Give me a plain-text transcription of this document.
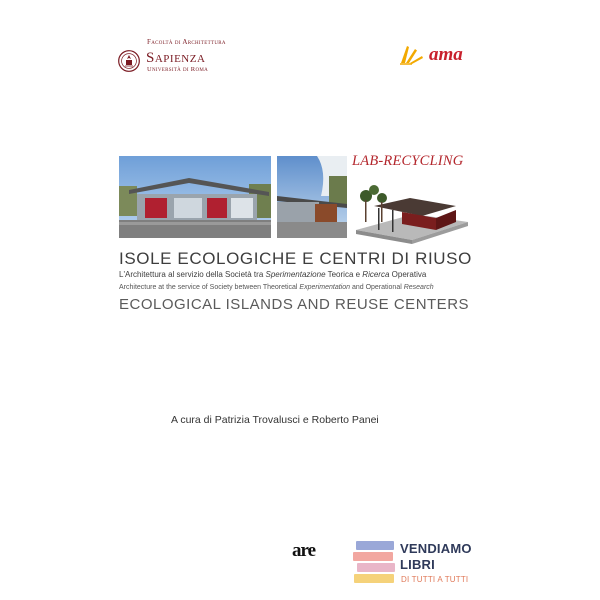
Facoltà di Architettura
Sapienza
Università di Roma
ama
LAB-RECYCLING
ISOLE ECOLOGICHE E CENTRI DI RIUSO
L'Architettura al servizio della Società tra Sperimentazione Teorica e Ricerca Operativa
Architecture at the service of Society between Theoretical Experimentation and Operational Research
ECOLOGICAL ISLANDS AND REUSE CENTERS
A cura di Patrizia Trovalusci e Roberto Panei
are	VENDIAMO
LIBRI
DI TUTTI A TUTTI
